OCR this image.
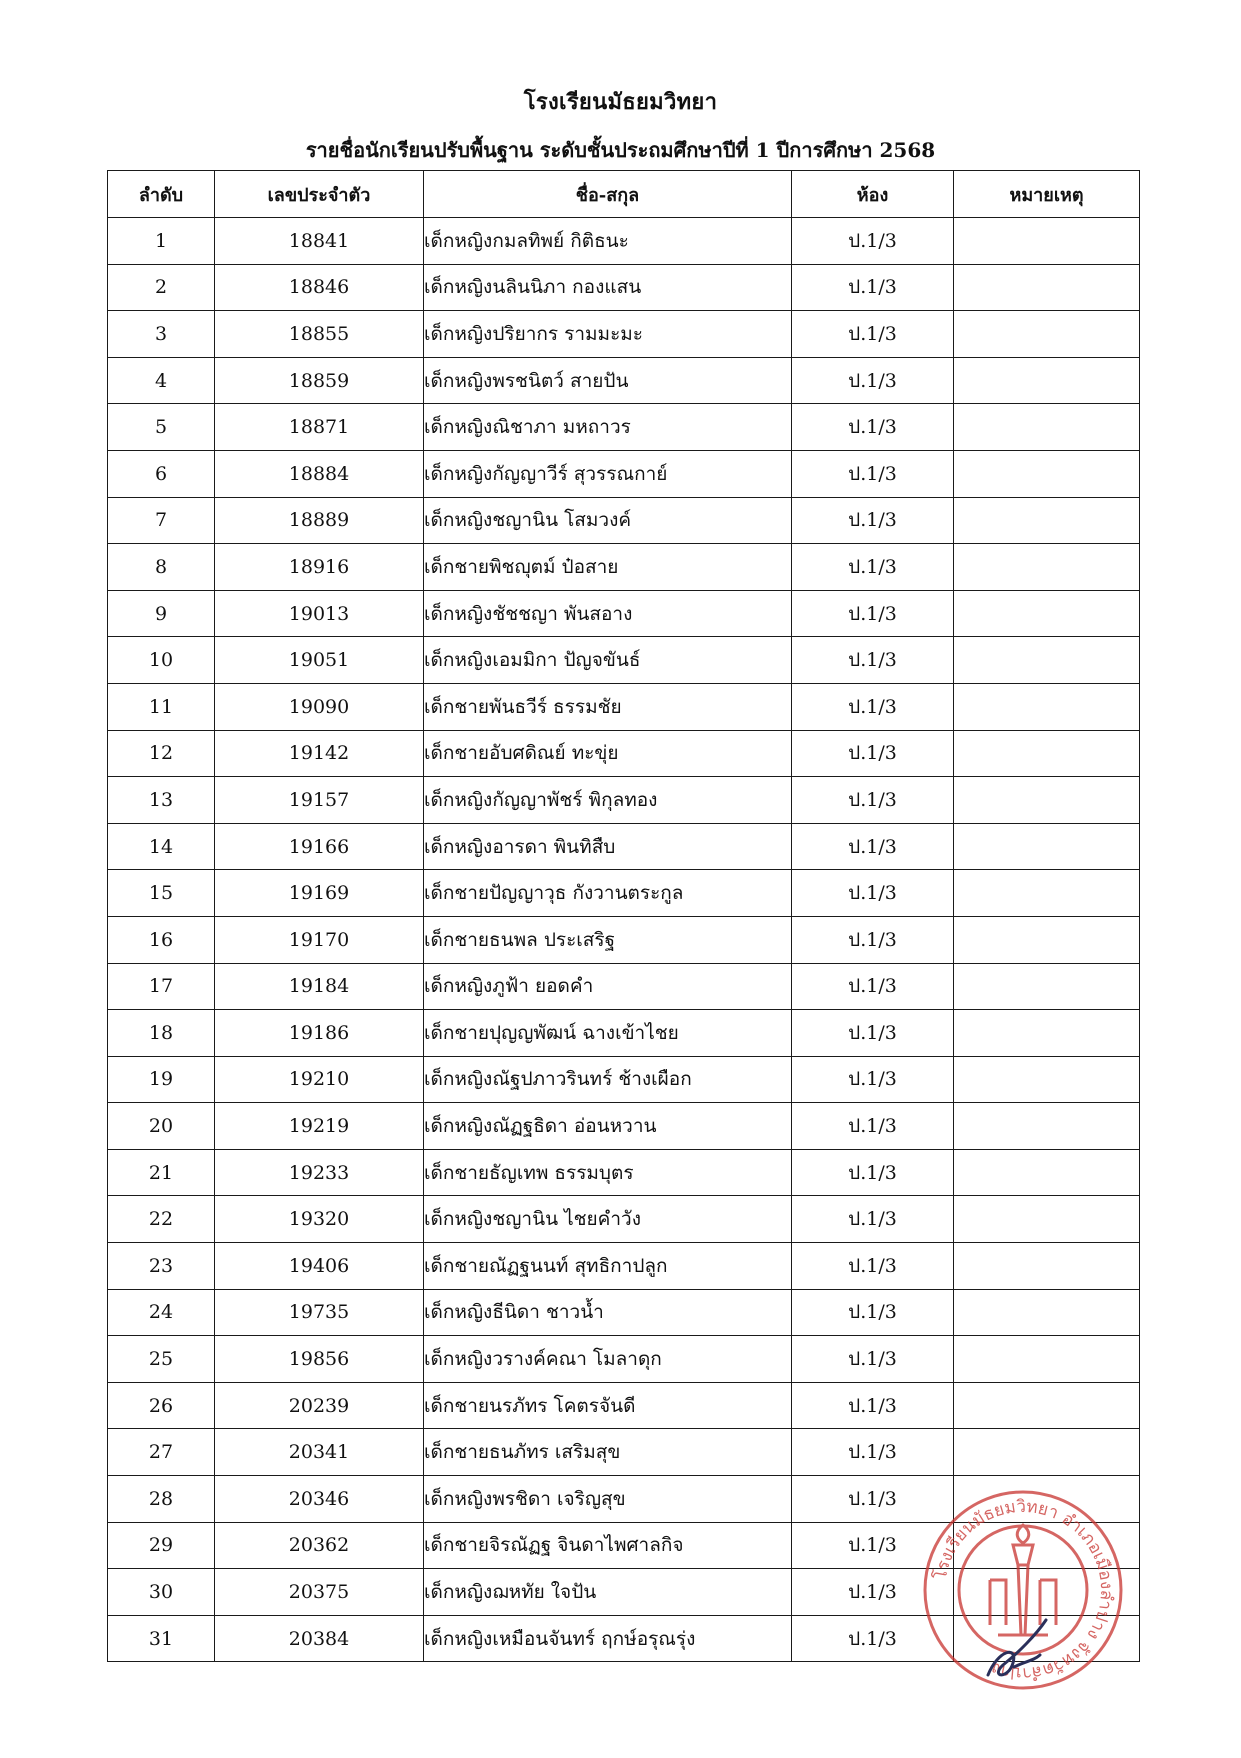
โรงเรียนมัธยมวิทยา
รายชื่อนักเรียนปรับพื้นฐาน ระดับชั้นประถมศึกษาปีที่ 1 ปีการศึกษา 2568
ลำดับ	เลขประจำตัว	ชื่อ-สกุล	ห้อง	หมายเหตุ
1	18841	เด็กหญิงกมลทิพย์ กิติธนะ	ป.1/3	
2	18846	เด็กหญิงนลินนิภา กองแสน	ป.1/3	
3	18855	เด็กหญิงปริยากร รามมะมะ	ป.1/3	
4	18859	เด็กหญิงพรชนิตว์ สายปัน	ป.1/3	
5	18871	เด็กหญิงณิชาภา มหถาวร	ป.1/3	
6	18884	เด็กหญิงกัญญาวีร์ สุวรรณกาย์	ป.1/3	
7	18889	เด็กหญิงชญานิน โสมวงค์	ป.1/3	
8	18916	เด็กชายพิชญุตม์ ป๋อสาย	ป.1/3	
9	19013	เด็กหญิงชัชชญา พันสอาง	ป.1/3	
10	19051	เด็กหญิงเอมมิกา ปัญจขันธ์	ป.1/3	
11	19090	เด็กชายพันธวีร์ ธรรมชัย	ป.1/3	
12	19142	เด็กชายอับศดิณย์ ทะขุ่ย	ป.1/3	
13	19157	เด็กหญิงกัญญาพัชร์ พิกุลทอง	ป.1/3	
14	19166	เด็กหญิงอารดา พินทิสืบ	ป.1/3	
15	19169	เด็กชายปัญญาวุธ กังวานตระกูล	ป.1/3	
16	19170	เด็กชายธนพล ประเสริฐ	ป.1/3	
17	19184	เด็กหญิงภูฟ้า ยอดคำ	ป.1/3	
18	19186	เด็กชายปุญญพัฒน์ ฉางเข้าไชย	ป.1/3	
19	19210	เด็กหญิงณัฐปภาวรินทร์ ช้างเผือก	ป.1/3	
20	19219	เด็กหญิงณัฏฐธิดา อ่อนหวาน	ป.1/3	
21	19233	เด็กชายธัญเทพ ธรรมบุตร	ป.1/3	
22	19320	เด็กหญิงชญานิน ไชยคำวัง	ป.1/3	
23	19406	เด็กชายณัฏฐนนท์ สุทธิกาปลูก	ป.1/3	
24	19735	เด็กหญิงธีนิดา ชาวน้ำ	ป.1/3	
25	19856	เด็กหญิงวรางค์คณา โมลาดุก	ป.1/3	
26	20239	เด็กชายนรภัทร โคตรจันดี	ป.1/3	
27	20341	เด็กชายธนภัทร เสริมสุข	ป.1/3	
28	20346	เด็กหญิงพรชิดา เจริญสุข	ป.1/3	
29	20362	เด็กชายจิรณัฏฐ จินดาไพศาลกิจ	ป.1/3	
30	20375	เด็กหญิงฌหทัย ใจปัน	ป.1/3	
31	20384	เด็กหญิงเหมือนจันทร์ ฤกษ์อรุณรุ่ง	ป.1/3	
โรงเรียนมัธยมวิทยา อำเภอเมืองลำปาง จังหวัดลำปาง
